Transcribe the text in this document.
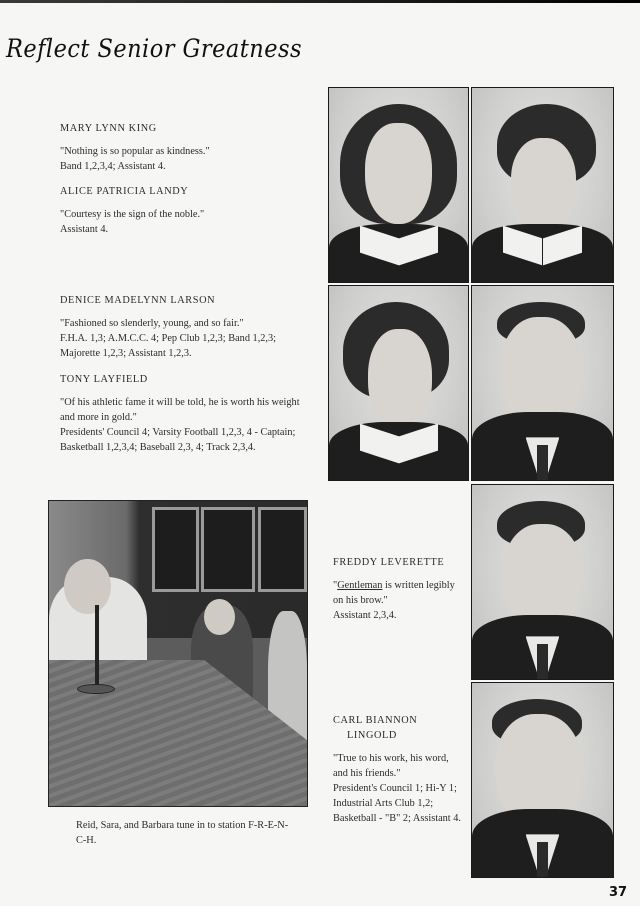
Reflect Senior Greatness
MARY LYNN KING
"Nothing is so popular as kindness."
Band 1,2,3,4; Assistant 4.
ALICE PATRICIA LANDY
"Courtesy is the sign of the noble."
Assistant 4.
DENICE MADELYNN LARSON
"Fashioned so slenderly, young, and so fair."
F.H.A. 1,3; A.M.C.C. 4; Pep Club 1,2,3; Band 1,2,3; Majorette 1,2,3; Assistant 1,2,3.
TONY LAYFIELD
"Of his athletic fame it will be told, he is worth his weight and more in gold."
Presidents' Council 4; Varsity Football 1,2,3, 4 - Captain; Basketball 1,2,3,4; Baseball 2,3, 4; Track 2,3,4.
FREDDY LEVERETTE
"Gentleman is written legibly on his brow."
Assistant 2,3,4.
CARL BIANNON
LINGOLD
"True to his work, his word, and his friends."
President's Council 1; Hi-Y 1; Industrial Arts Club 1,2; Basketball - "B" 2; Assistant 4.
Reid, Sara, and Barbara tune in to station F-R-E-N-C-H.
37
